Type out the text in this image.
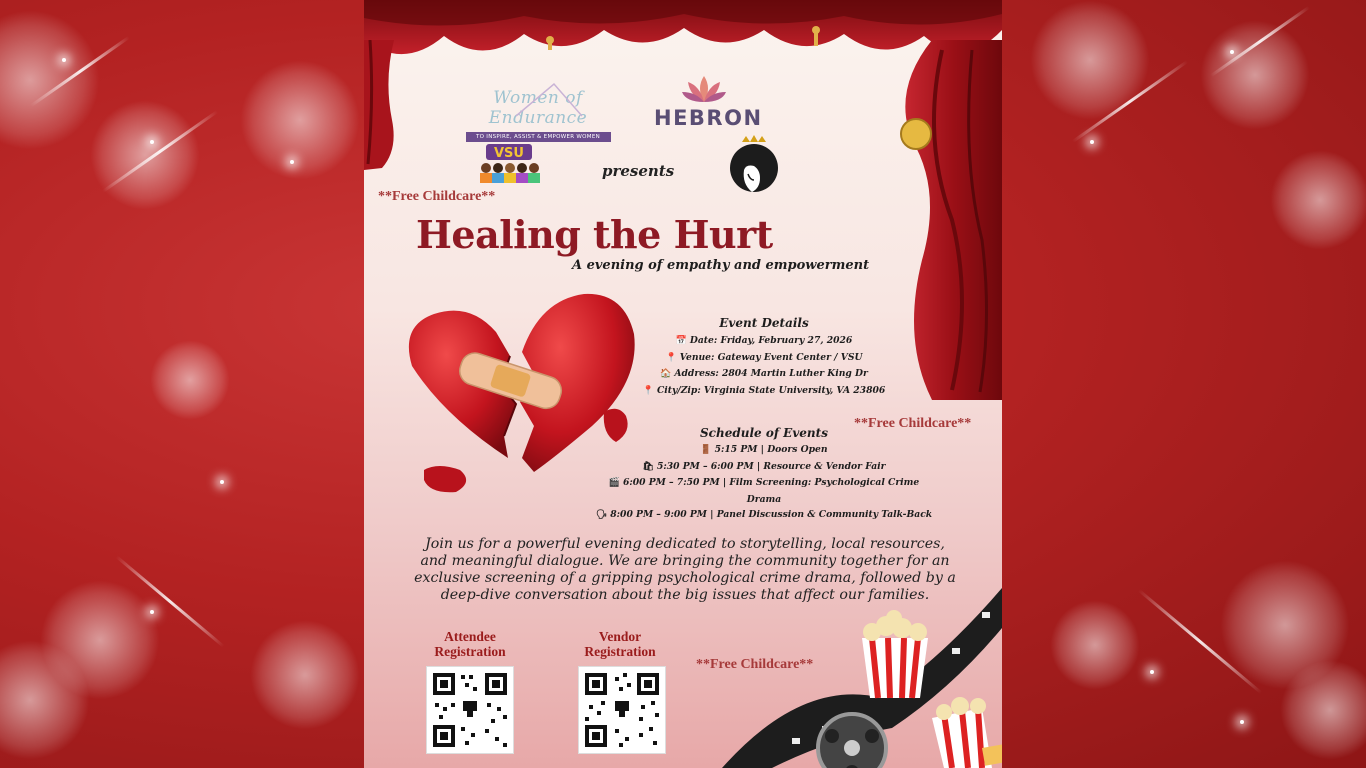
Women of Endurance
TO INSPIRE, ASSIST & EMPOWER WOMEN
HEBRON
VSU
presents
**Free Childcare**
Healing the Hurt
A evening of empathy and empowerment
Event Details
📅 Date: Friday, February 27, 2026
📍 Venue: Gateway Event Center / VSU
🏠 Address: 2804 Martin Luther King Dr
📍 City/Zip: Virginia State University, VA 23806
**Free Childcare**
Schedule of Events
🚪 5:15 PM | Doors Open
🛍 5:30 PM – 6:00 PM | Resource & Vendor Fair
🎬 6:00 PM – 7:50 PM | Film Screening: Psychological Crime Drama
🗣 8:00 PM – 9:00 PM | Panel Discussion & Community Talk-Back
Join us for a powerful evening dedicated to storytelling, local resources, and meaningful dialogue. We are bringing the community together for an exclusive screening of a gripping psychological crime drama, followed by a deep-dive conversation about the big issues that affect our families.
Attendee Registration
Vendor Registration
**Free Childcare**
